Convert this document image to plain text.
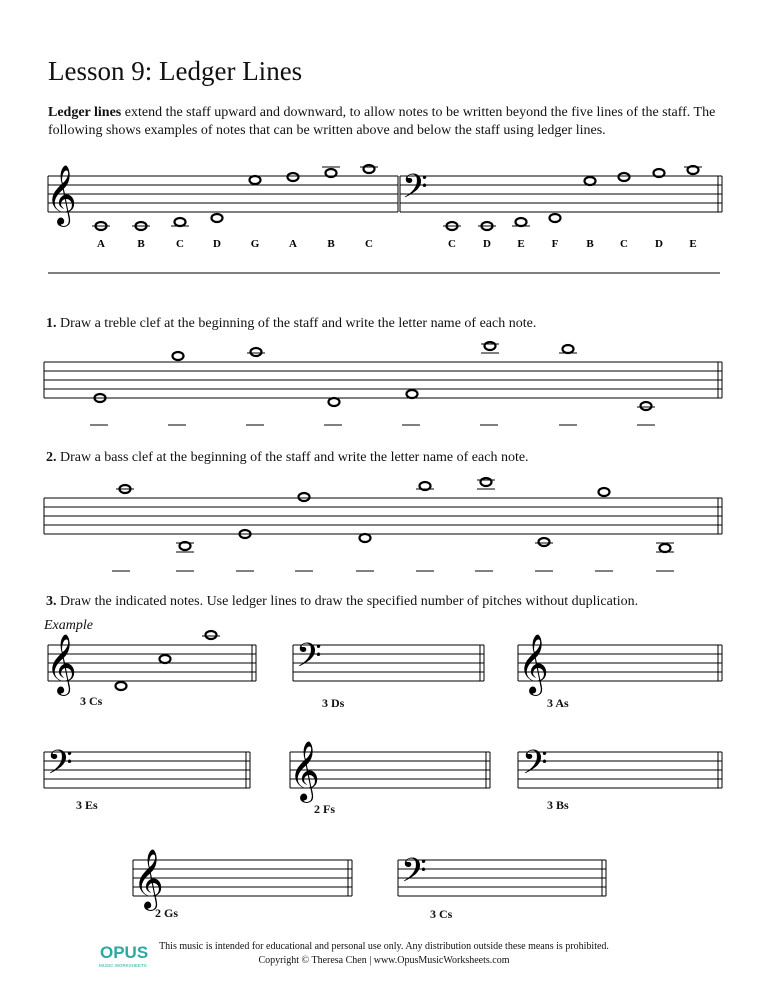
Lesson 9: Ledger Lines
Ledger lines extend the staff upward and downward, to allow notes to be written beyond the five lines of the staff. The following shows examples of notes that can be written above and below the staff using ledger lines.
𝄞	𝄢
A	B	C	D	G	A	B	C	C D E F	B C D E
𝄞	𝄢	𝄞
𝄢	𝄞	𝄢
𝄞	𝄢
1. Draw a treble clef at the beginning of the staff and write the letter name of each note.
2. Draw a bass clef at the beginning of the staff and write the letter name of each note.
3. Draw the indicated notes. Use ledger lines to draw the specified number of pitches without duplication.
Example
3 Cs	3 Ds	3 As
3 Es	2 Fs	3 Bs
2 Gs	3 Cs
OPUS
MUSIC WORKSHEETS
This music is intended for educational and personal use only. Any distribution outside these means is prohibited.
Copyright © Theresa Chen | www.OpusMusicWorksheets.com
